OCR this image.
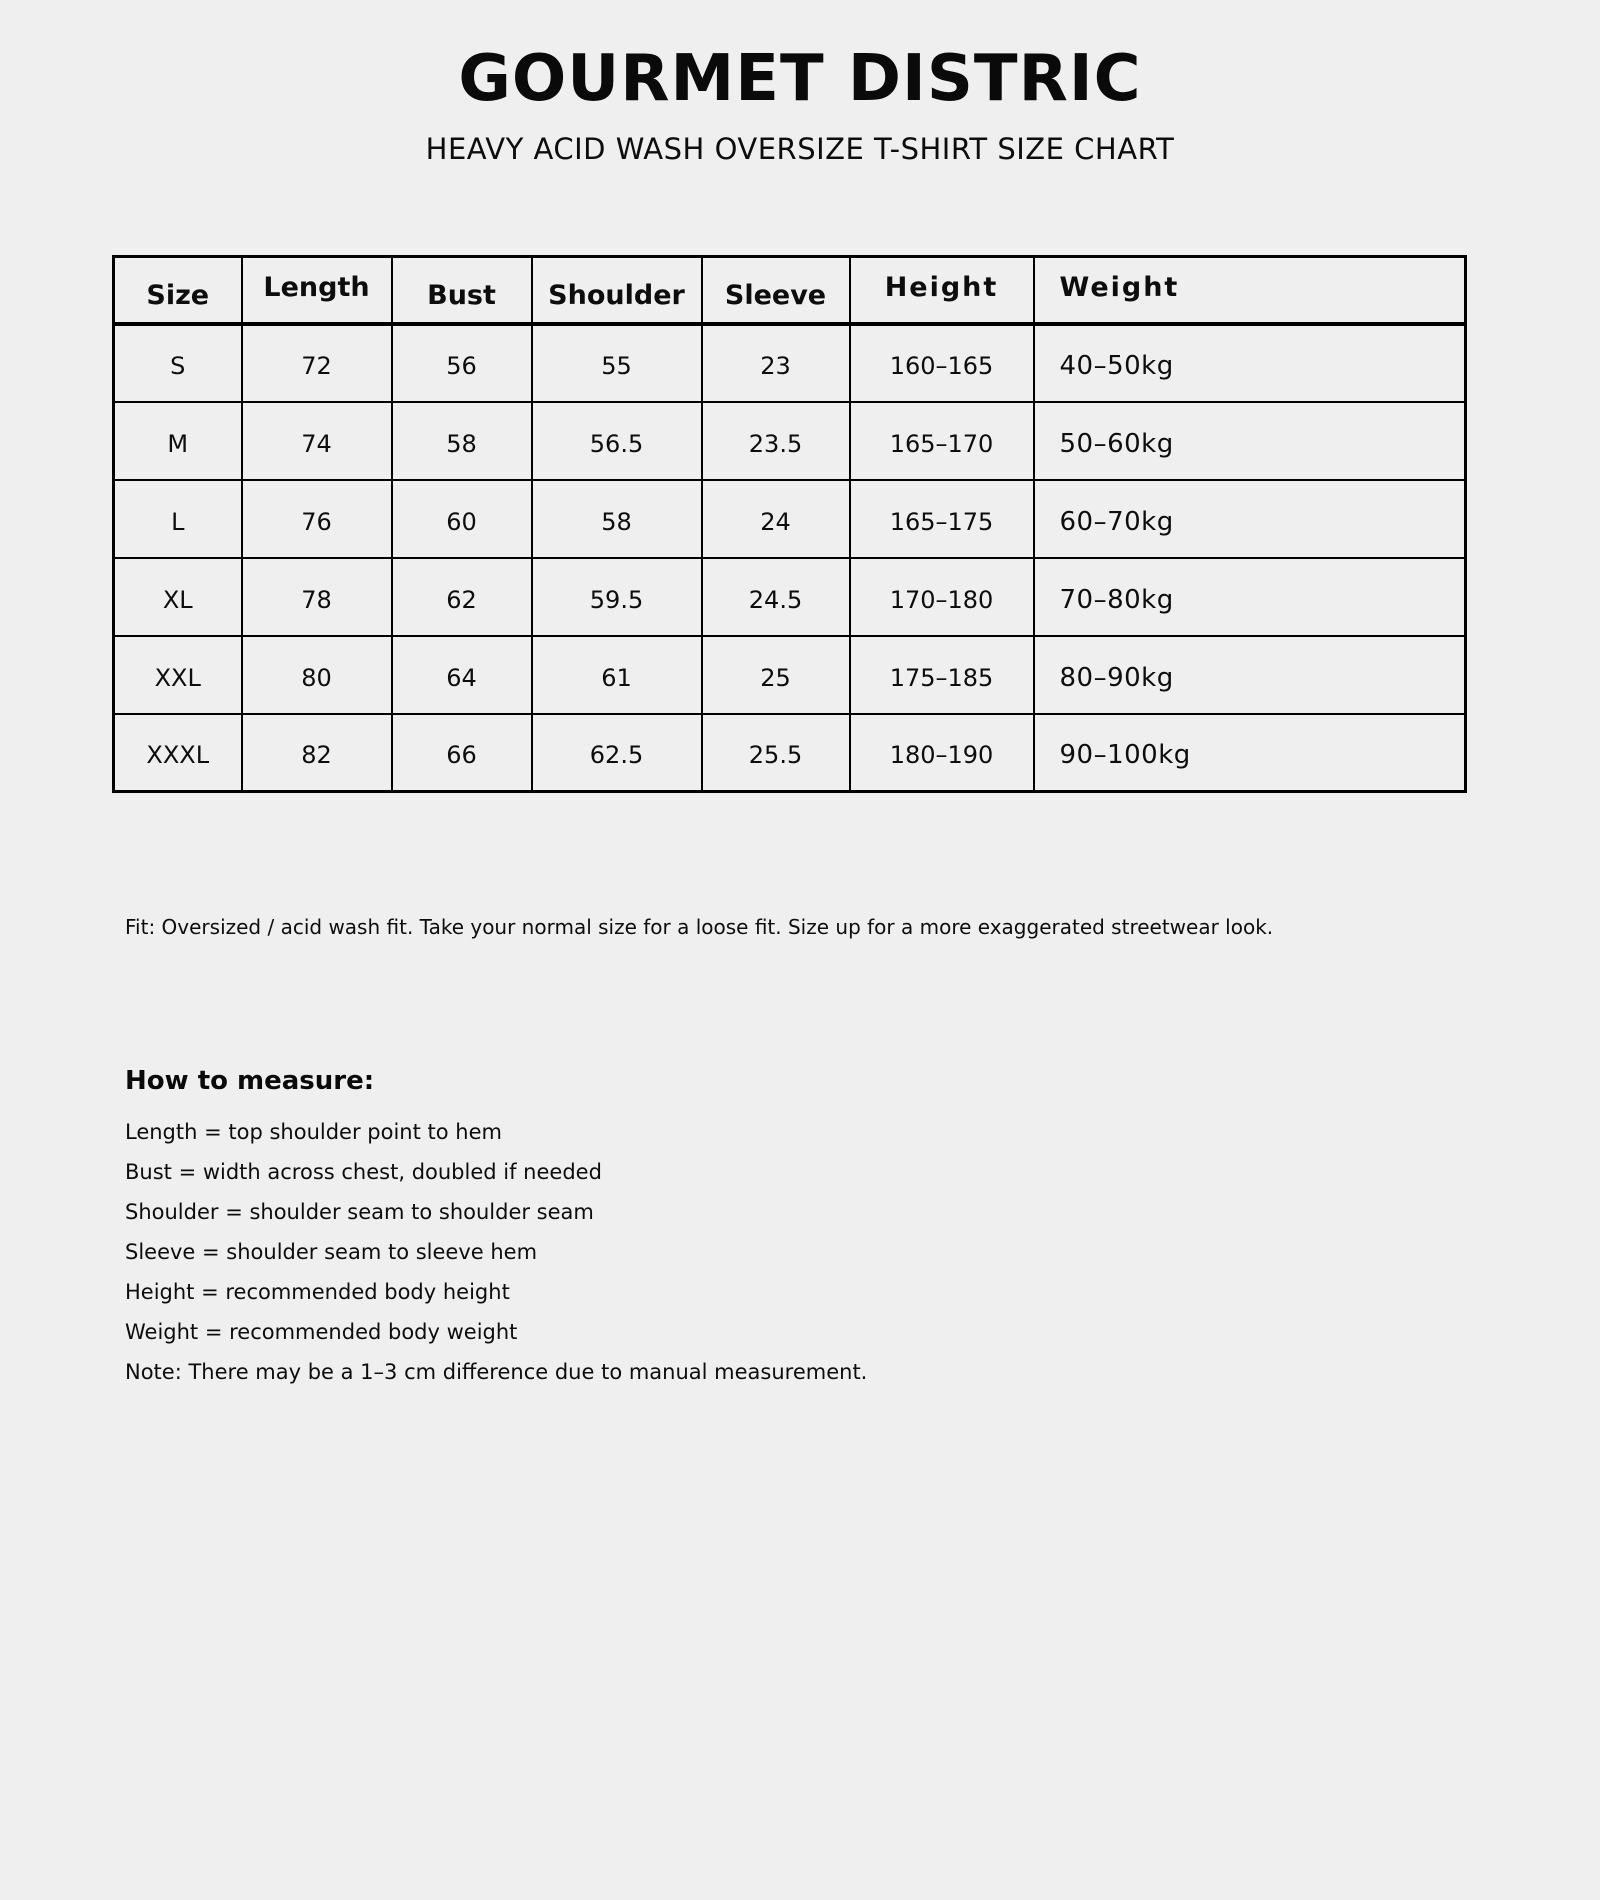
GOURMET DISTRIC
HEAVY ACID WASH OVERSIZE T-SHIRT SIZE CHART
Size	Length	Bust	Shoulder	Sleeve	Height	Weight
S	72	56	55	23	160–165	40–50kg
M	74	58	56.5	23.5	165–170	50–60kg
L	76	60	58	24	165–175	60–70kg
XL	78	62	59.5	24.5	170–180	70–80kg
XXL	80	64	61	25	175–185	80–90kg
XXXL	82	66	62.5	25.5	180–190	90–100kg

Fit: Oversized / acid wash fit. Take your normal size for a loose fit. Size up for a more exaggerated streetwear look.

How to measure:
Length = top shoulder point to hem
Bust = width across chest, doubled if needed
Shoulder = shoulder seam to shoulder seam
Sleeve = shoulder seam to sleeve hem
Height = recommended body height
Weight = recommended body weight
Note: There may be a 1–3 cm difference due to manual measurement.
